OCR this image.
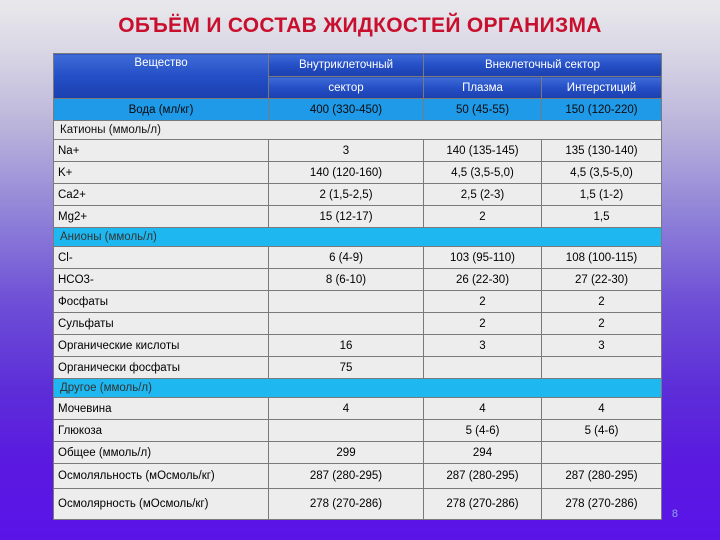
ОБЪЁМ И СОСТАВ ЖИДКОСТЕЙ ОРГАНИЗМА
Вещество	Внутриклеточный	Внеклеточный сектор	
	сектор	Плазма	Интерстиций
Вода (мл/кг)	400 (330-450)	50 (45-55)	150 (120-220)
Катионы (ммоль/л)			
Na+	3	140 (135-145)	135 (130-140)
K+	140 (120-160)	4,5 (3,5-5,0)	4,5 (3,5-5,0)
Ca2+	2 (1,5-2,5)	2,5 (2-3)	1,5 (1-2)
Mg2+	15 (12-17)	2	1,5
Анионы (ммоль/л)			
Cl-	6 (4-9)	103 (95-110)	108 (100-115)
HCO3-	8 (6-10)	26 (22-30)	27 (22-30)
Фосфаты		2	2
Сульфаты		2	2
Органические кислоты	16	3	3
Органически фосфаты	75		
Другое (ммоль/л)			
Мочевина	4	4	4
Глюкоза		5 (4-6)	5 (4-6)
Общее (ммоль/л)	299	294	
Осмоляльность (мОсмоль/кг)	287 (280-295)	287 (280-295)	287 (280-295)
Осмолярность (мОсмоль/кг)	278 (270-286)	278 (270-286)	278 (270-286)
8
